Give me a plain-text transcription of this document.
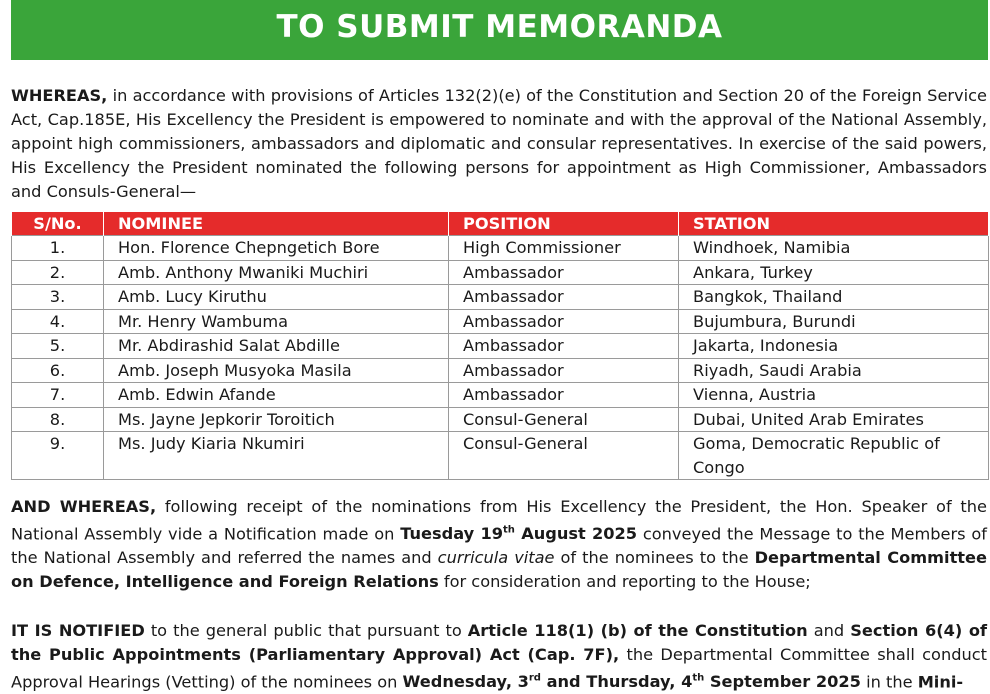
TO SUBMIT MEMORANDA

WHEREAS, in accordance with provisions of Articles 132(2)(e) of the Constitution and Section 20 of the Foreign Service Act, Cap.185E, His Excellency the President is empowered to nominate and with the approval of the National Assembly, appoint high commissioners, ambassadors and diplomatic and consular representatives. In exercise of the said powers, His Excellency the President nominated the following persons for appointment as High Commissioner, Ambassadors and Consuls-General—

S/No.	NOMINEE	POSITION	STATION
1.	Hon. Florence Chepngetich Bore	High Commissioner	Windhoek, Namibia
2.	Amb. Anthony Mwaniki Muchiri	Ambassador	Ankara, Turkey
3.	Amb. Lucy Kiruthu	Ambassador	Bangkok, Thailand
4.	Mr. Henry Wambuma	Ambassador	Bujumbura, Burundi
5.	Mr. Abdirashid Salat Abdille	Ambassador	Jakarta, Indonesia
6.	Amb. Joseph Musyoka Masila	Ambassador	Riyadh, Saudi Arabia
7.	Amb. Edwin Afande	Ambassador	Vienna, Austria
8.	Ms. Jayne Jepkorir Toroitich	Consul-General	Dubai, United Arab Emirates
9.	Ms. Judy Kiaria Nkumiri	Consul-General	Goma, Democratic Republic of Congo

AND WHEREAS, following receipt of the nominations from His Excellency the President, the Hon. Speaker of the National Assembly vide a Notification made on Tuesday 19th August 2025 conveyed the Message to the Members of the National Assembly and referred the names and curricula vitae of the nominees to the Departmental Committee on Defence, Intelligence and Foreign Relations for consideration and reporting to the House;

IT IS NOTIFIED to the general public that pursuant to Article 118(1) (b) of the Constitution and Section 6(4) of the Public Appointments (Parliamentary Approval) Act (Cap. 7F), the Departmental Committee shall conduct Approval Hearings (Vetting) of the nominees on Wednesday, 3rd and Thursday, 4th September 2025 in the Mini-
